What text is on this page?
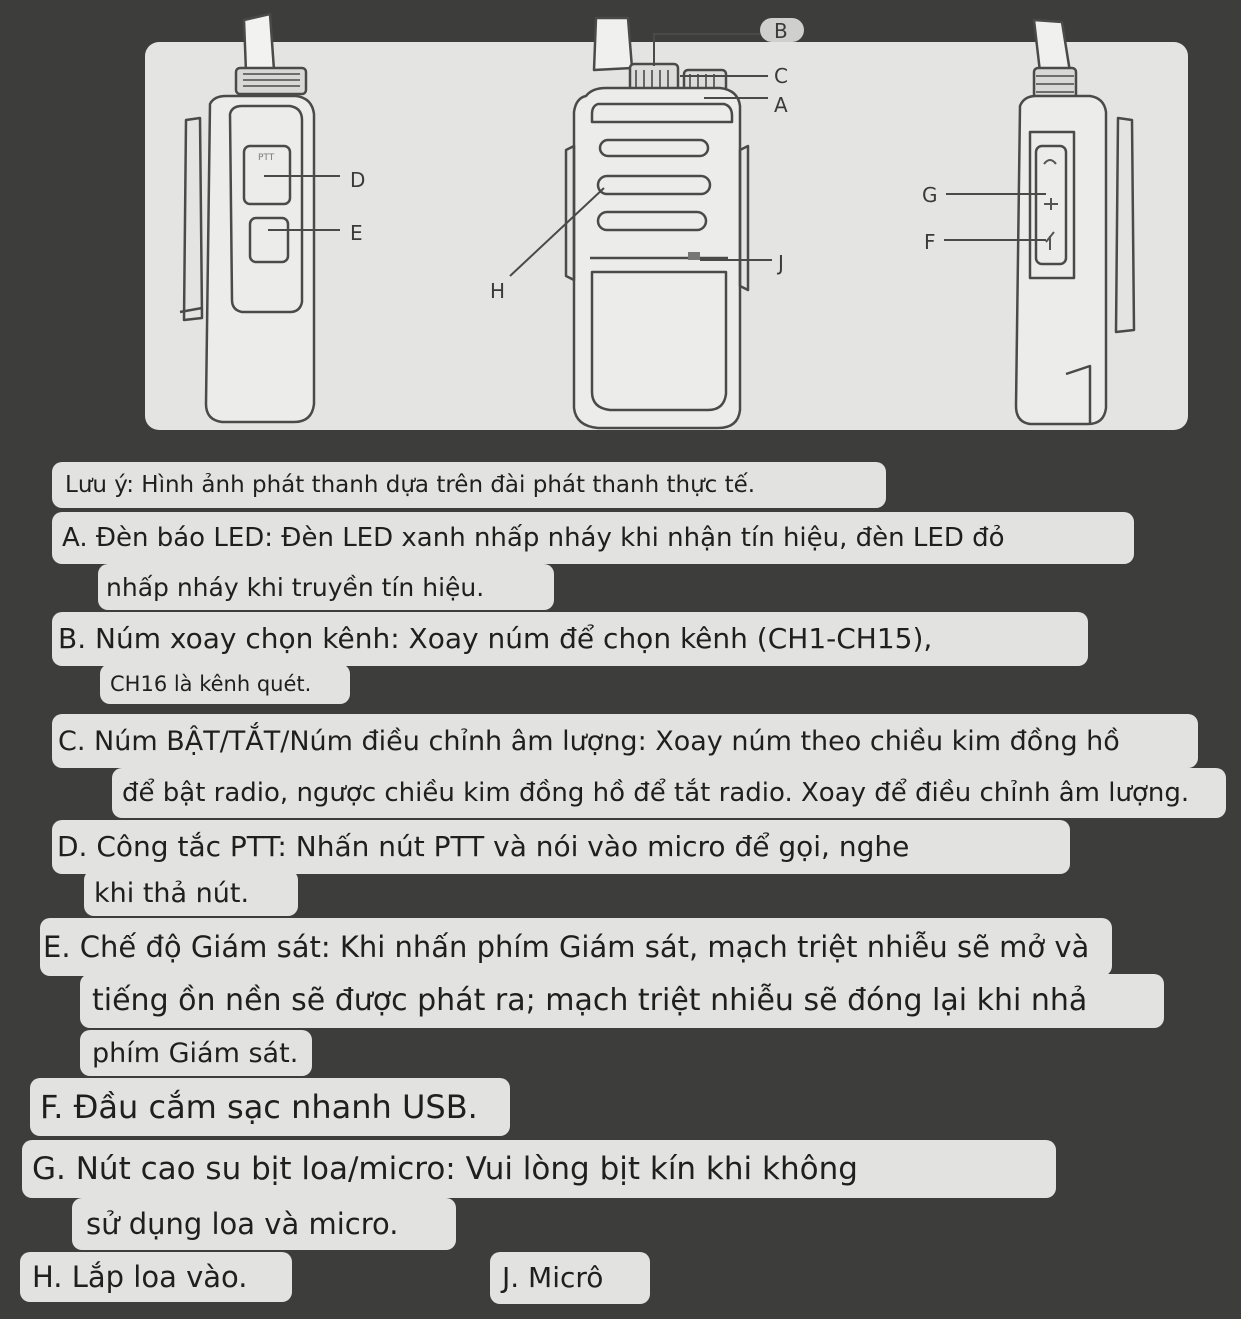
PTT
B
C
A
D
E
G
F
H
J
Lưu ý: Hình ảnh phát thanh dựa trên đài phát thanh thực tế.
A. Đèn báo LED: Đèn LED xanh nhấp nháy khi nhận tín hiệu, đèn LED đỏ
nhấp nháy khi truyền tín hiệu.
B. Núm xoay chọn kênh: Xoay núm để chọn kênh (CH1-CH15),
CH16 là kênh quét.
C. Núm BẬT/TẮT/Núm điều chỉnh âm lượng: Xoay núm theo chiều kim đồng hồ
để bật radio, ngược chiều kim đồng hồ để tắt radio. Xoay để điều chỉnh âm lượng.
D. Công tắc PTT: Nhấn nút PTT và nói vào micro để gọi, nghe
khi thả nút.
E. Chế độ Giám sát: Khi nhấn phím Giám sát, mạch triệt nhiễu sẽ mở và
tiếng ồn nền sẽ được phát ra; mạch triệt nhiễu sẽ đóng lại khi nhả
phím Giám sát.
F. Đầu cắm sạc nhanh USB.
G. Nút cao su bịt loa/micro: Vui lòng bịt kín khi không
sử dụng loa và micro.
H. Lắp loa vào.	J. Micrô
